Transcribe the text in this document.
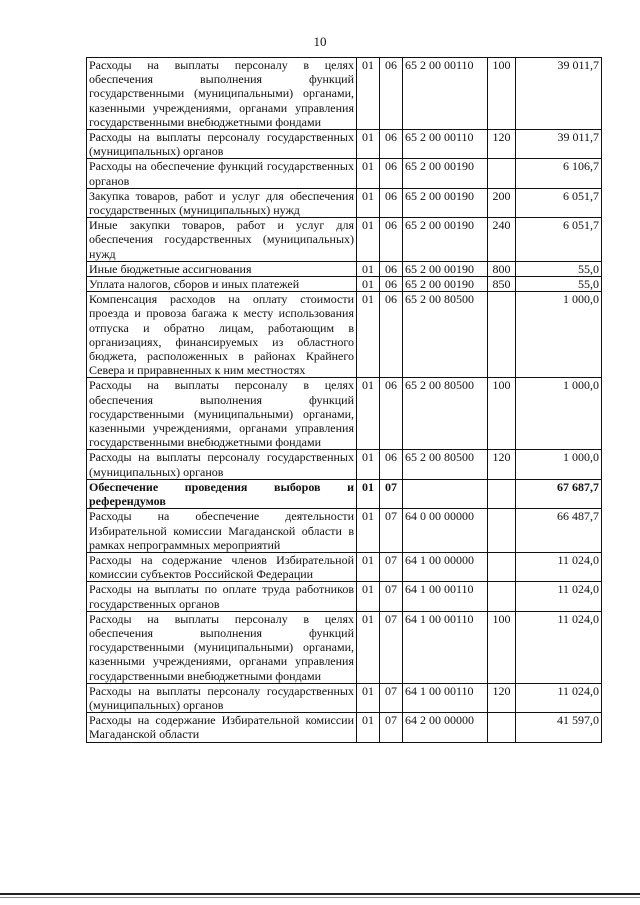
10
Расходы на выплаты персоналу в целях обеспечения выполнения функций государственными (муниципальными) органами, казенными учреждениями, органами управления государственными внебюджетными фондами	01	06	65 2 00 00110	100	39 011,7
Расходы на выплаты персоналу государственных (муниципальных) органов	01	06	65 2 00 00110	120	39 011,7
Расходы на обеспечение функций государственных органов	01	06	65 2 00 00190		6 106,7
Закупка товаров, работ и услуг для обеспечения государственных (муниципальных) нужд	01	06	65 2 00 00190	200	6 051,7
Иные закупки товаров, работ и услуг для обеспечения государственных (муниципальных) нужд	01	06	65 2 00 00190	240	6 051,7
Иные бюджетные ассигнования	01	06	65 2 00 00190	800	55,0
Уплата налогов, сборов и иных платежей	01	06	65 2 00 00190	850	55,0
Компенсация расходов на оплату стоимости проезда и провоза багажа к месту использования отпуска и обратно лицам, работающим в организациях, финансируемых из областного бюджета, расположенных в районах Крайнего Севера и приравненных к ним местностях	01	06	65 2 00 80500		1 000,0
Расходы на выплаты персоналу в целях обеспечения выполнения функций государственными (муниципальными) органами, казенными учреждениями, органами управления государственными внебюджетными фондами	01	06	65 2 00 80500	100	1 000,0
Расходы на выплаты персоналу государственных (муниципальных) органов	01	06	65 2 00 80500	120	1 000,0
Обеспечение проведения выборов и референдумов	01	07			67 687,7
Расходы на обеспечение деятельности Избирательной комиссии Магаданской области в рамках непрограммных мероприятий	01	07	64 0 00 00000		66 487,7
Расходы на содержание членов Избирательной комиссии субъектов Российской Федерации	01	07	64 1 00 00000		11 024,0
Расходы на выплаты по оплате труда работников государственных органов	01	07	64 1 00 00110		11 024,0
Расходы на выплаты персоналу в целях обеспечения выполнения функций государственными (муниципальными) органами, казенными учреждениями, органами управления государственными внебюджетными фондами	01	07	64 1 00 00110	100	11 024,0
Расходы на выплаты персоналу государственных (муниципальных) органов	01	07	64 1 00 00110	120	11 024,0
Расходы на содержание Избирательной комиссии Магаданской области	01	07	64 2 00 00000		41 597,0
